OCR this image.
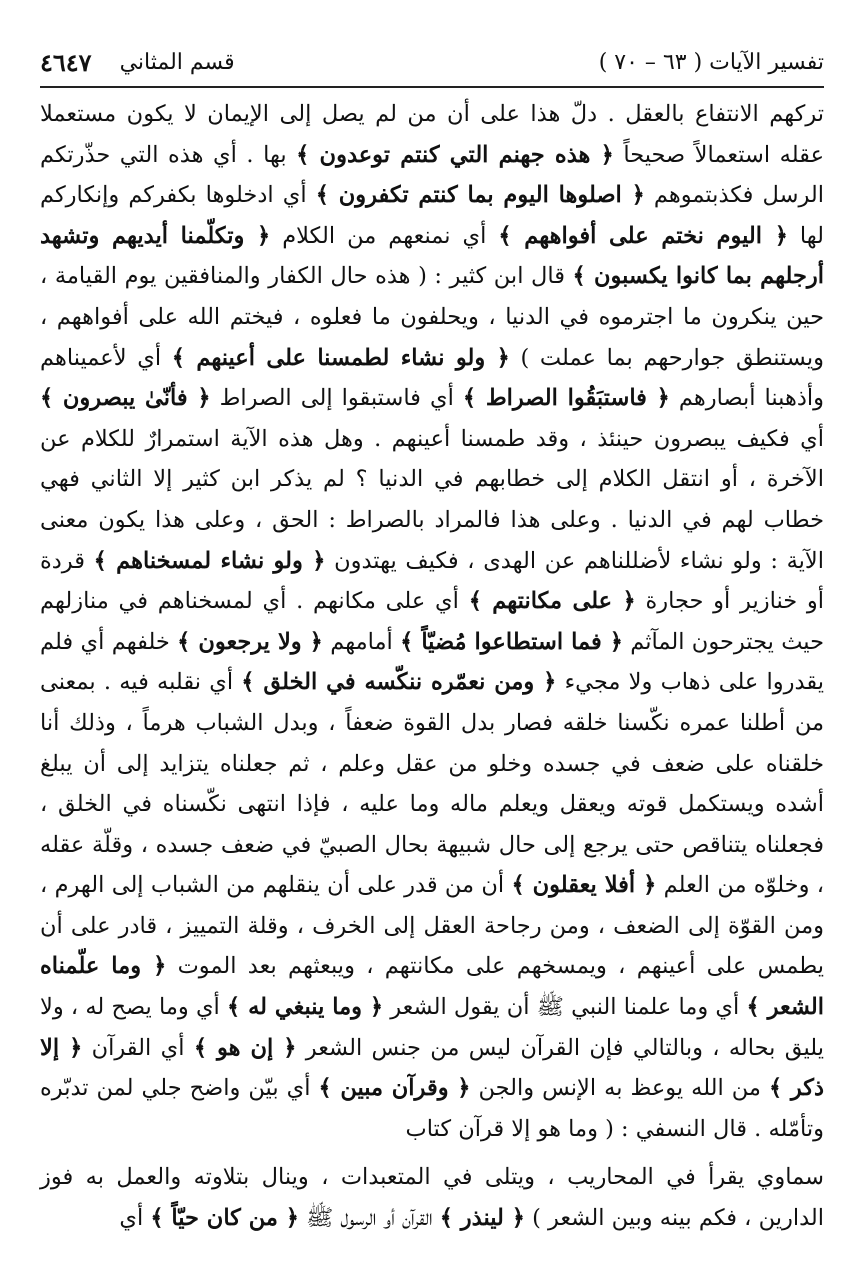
تفسير الآيات ( ٦٣ – ٧٠ )
قسم المثاني
٤٦٤٧

تركهم الانتفاع بالعقل . دلّ هذا على أن من لم يصل إلى الإيمان لا يكون مستعملا عقله استعمالاً صحيحاً ﴿ هذه جهنم التي كنتم توعدون ﴾ بها . أي هذه التي حذّرتكم الرسل فكذبتموهم ﴿ اصلوها اليوم بما كنتم تكفرون ﴾ أي ادخلوها بكفركم وإنكاركم لها ﴿ اليوم نختم على أفواههم ﴾ أي نمنعهم من الكلام ﴿ وتكلّمنا أيديهم وتشهد أرجلهم بما كانوا يكسبون ﴾ قال ابن كثير : ( هذه حال الكفار والمنافقين يوم القيامة ، حين ينكرون ما اجترموه في الدنيا ، ويحلفون ما فعلوه ، فيختم الله على أفواههم ، ويستنطق جوارحهم بما عملت ) ﴿ ولو نشاء لطمسنا على أعينهم ﴾ أي لأعميناهم وأذهبنا أبصارهم ﴿ فاستبَقُوا الصراط ﴾ أي فاستبقوا إلى الصراط ﴿ فأنّىٰ يبصرون ﴾ أي فكيف يبصرون حينئذ ، وقد طمسنا أعينهم . وهل هذه الآية استمرارٌ للكلام عن الآخرة ، أو انتقل الكلام إلى خطابهم في الدنيا ؟ لم يذكر ابن كثير إلا الثاني فهي خطاب لهم في الدنيا . وعلى هذا فالمراد بالصراط : الحق ، وعلى هذا يكون معنى الآية : ولو نشاء لأضللناهم عن الهدى ، فكيف يهتدون ﴿ ولو نشاء لمسخناهم ﴾ قردة أو خنازير أو حجارة ﴿ على مكانتهم ﴾ أي على مكانهم . أي لمسخناهم في منازلهم حيث يجترحون المآثم ﴿ فما استطاعوا مُضيّاً ﴾ أمامهم ﴿ ولا يرجعون ﴾ خلفهم أي فلم يقدروا على ذهاب ولا مجيء ﴿ ومن نعمّره ننكّسه في الخلق ﴾ أي نقلبه فيه . بمعنى من أطلنا عمره نكّسنا خلقه فصار بدل القوة ضعفاً ، وبدل الشباب هرماً ، وذلك أنا خلقناه على ضعف في جسده وخلو من عقل وعلم ، ثم جعلناه يتزايد إلى أن يبلغ أشده ويستكمل قوته ويعقل ويعلم ماله وما عليه ، فإذا انتهى نكّسناه في الخلق ، فجعلناه يتناقص حتى يرجع إلى حال شبيهة بحال الصبيّ في ضعف جسده ، وقلّة عقله ، وخلوّه من العلم ﴿ أفلا يعقلون ﴾ أن من قدر على أن ينقلهم من الشباب إلى الهرم ، ومن القوّة إلى الضعف ، ومن رجاحة العقل إلى الخرف ، وقلة التمييز ، قادر على أن يطمس على أعينهم ، ويمسخهم على مكانتهم ، ويبعثهم بعد الموت ﴿ وما علّمناه الشعر ﴾ أي وما علمنا النبي ﷺ أن يقول الشعر ﴿ وما ينبغي له ﴾ أي وما يصح له ، ولا يليق بحاله ، وبالتالي فإن القرآن ليس من جنس الشعر ﴿ إن هو ﴾ أي القرآن ﴿ إلا ذكر ﴾ من الله يوعظ به الإنس والجن ﴿ وقرآن مبين ﴾ أي بيّن واضح جلي لمن تدبّره وتأمّله . قال النسفي : ( وما هو إلا قرآن كتاب

سماوي يقرأ في المحاريب ، ويتلى في المتعبدات ، وينال بتلاوته والعمل به فوز الدارين ، فكم بينه وبين الشعر ) ﴿ لينذر ﴾ القرآن أو الرسول ﷺ ﴿ من كان حيّاً ﴾ أي
